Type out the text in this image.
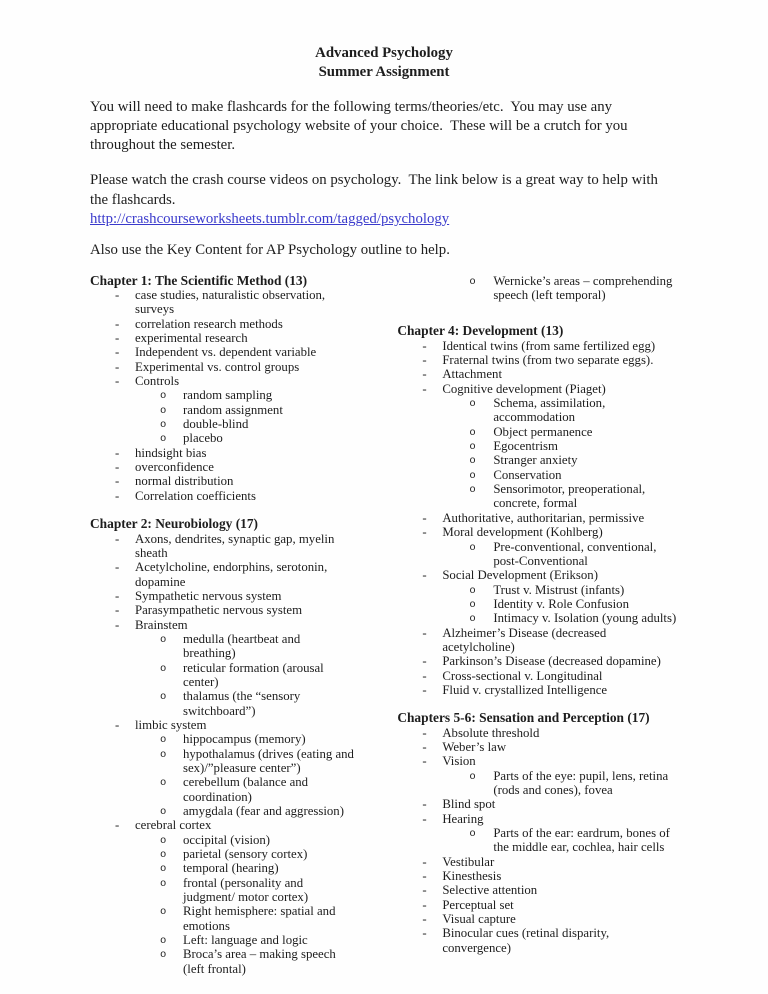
Advanced Psychology
Summer Assignment

You will need to make flashcards for the following terms/theories/etc.  You may use any appropriate educational psychology website of your choice.  These will be a crutch for you throughout the semester.

Please watch the crash course videos on psychology.  The link below is a great way to help with the flashcards.
http://crashcourseworksheets.tumblr.com/tagged/psychology

Also use the Key Content for AP Psychology outline to help.

Chapter 1: The Scientific Method (13)
- case studies, naturalistic observation, surveys
- correlation research methods
- experimental research
- Independent vs. dependent variable
- Experimental vs. control groups
- Controls
o random sampling
o random assignment
o double-blind
o placebo
- hindsight bias
- overconfidence
- normal distribution
- Correlation coefficients
Chapter 2: Neurobiology (17)
- Axons, dendrites, synaptic gap, myelin sheath
- Acetylcholine, endorphins, serotonin, dopamine
- Sympathetic nervous system
- Parasympathetic nervous system
- Brainstem
o medulla (heartbeat and breathing)
o reticular formation (arousal center)
o thalamus (the “sensory switchboard”)
- limbic system
o hippocampus (memory)
o hypothalamus (drives (eating and sex)/”pleasure center”)
o cerebellum (balance and coordination)
o amygdala (fear and aggression)
- cerebral cortex
o occipital (vision)
o parietal (sensory cortex)
o temporal (hearing)
o frontal (personality and judgment/ motor cortex)
o Right hemisphere: spatial and emotions
o Left: language and logic
o Broca’s area – making speech (left frontal)
o Wernicke’s areas – comprehending speech (left temporal)
Chapter 4: Development (13)
- Identical twins (from same fertilized egg)
- Fraternal twins (from two separate eggs).
- Attachment
- Cognitive development (Piaget)
o Schema, assimilation, accommodation
o Object permanence
o Egocentrism
o Stranger anxiety
o Conservation
o Sensorimotor, preoperational, concrete, formal
- Authoritative, authoritarian, permissive
- Moral development (Kohlberg)
o Pre-conventional, conventional, post-Conventional
- Social Development (Erikson)
o Trust v. Mistrust (infants)
o Identity v. Role Confusion
o Intimacy v. Isolation (young adults)
- Alzheimer’s Disease (decreased acetylcholine)
- Parkinson’s Disease (decreased dopamine)
- Cross-sectional v. Longitudinal
- Fluid v. crystallized Intelligence
Chapters 5-6: Sensation and Perception (17)
- Absolute threshold
- Weber’s law
- Vision
o Parts of the eye: pupil, lens, retina (rods and cones), fovea
- Blind spot
- Hearing
o Parts of the ear: eardrum, bones of the middle ear, cochlea, hair cells
- Vestibular
- Kinesthesis
- Selective attention
- Perceptual set
- Visual capture
- Binocular cues (retinal disparity, convergence)
